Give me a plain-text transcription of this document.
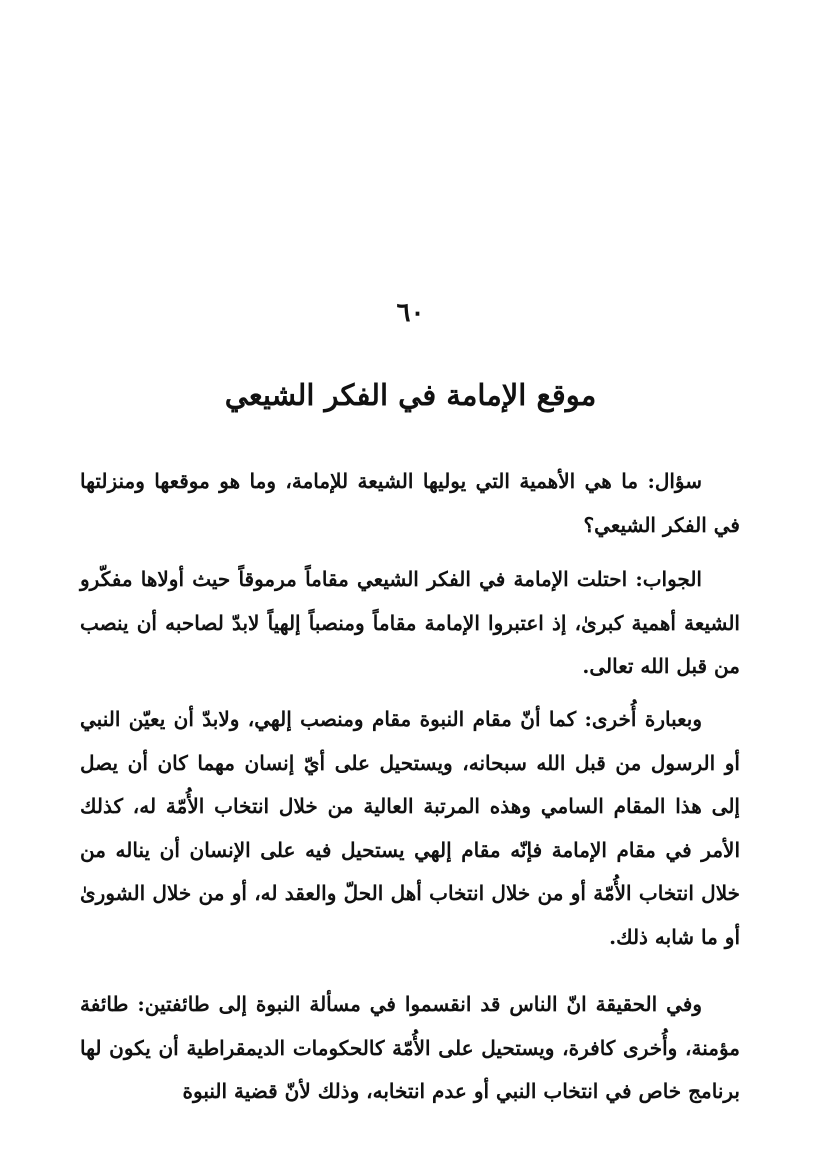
٦٠
موقع الإمامة في الفكر الشيعي
سؤال: ما هي الأهمية التي يوليها الشيعة للإمامة، وما هو موقعها ومنزلتها في الفكر الشيعي؟
الجواب: احتلت الإمامة في الفكر الشيعي مقاماً مرموقاً حيث أولاها مفكّرو الشيعة أهمية كبرىٰ، إذ اعتبروا الإمامة مقاماً ومنصباً إلهياً لابدّ لصاحبه أن ينصب من قبل الله تعالى.
وبعبارة أُخرى: كما أنّ مقام النبوة مقام ومنصب إلهي، ولابدّ أن يعيّن النبي أو الرسول من قبل الله سبحانه، ويستحيل على أيّ إنسان مهما كان أن يصل إلى هذا المقام السامي وهذه المرتبة العالية من خلال انتخاب الأُمّة له، كذلك الأمر في مقام الإمامة فإنّه مقام إلهي يستحيل فيه على الإنسان أن يناله من خلال انتخاب الأُمّة أو من خلال انتخاب أهل الحلّ والعقد له، أو من خلال الشورىٰ أو ما شابه ذلك.
وفي الحقيقة انّ الناس قد انقسموا في مسألة النبوة إلى طائفتين: طائفة مؤمنة، وأُخرى كافرة، ويستحيل على الأُمّة كالحكومات الديمقراطية أن يكون لها برنامج خاص في انتخاب النبي أو عدم انتخابه، وذلك لأنّ قضية النبوة
